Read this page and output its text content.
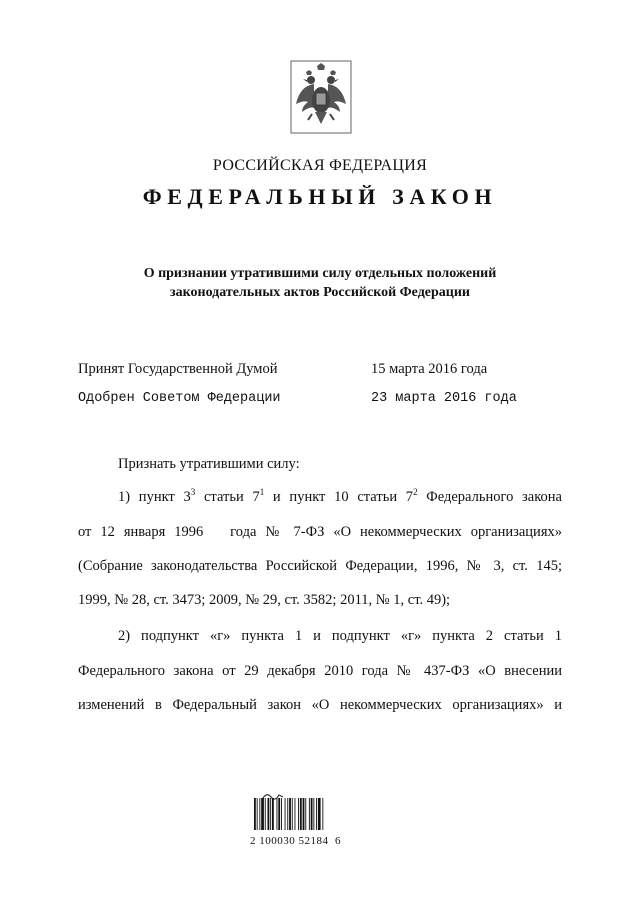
РОССИЙСКАЯ ФЕДЕРАЦИЯ
ФЕДЕРАЛЬНЫЙ ЗАКОН
О признании утратившими силу отдельных положений
законодательных актов Российской Федерации
Принят Государственной Думой	15 марта 2016 года
Одобрен Советом Федерации	23 марта 2016 года
Признать утратившими силу:
1) пункт $3^3$ статьи $7^1$ и пункт 10 статьи $7^2$ Федерального закона
от 12 января 1996   года № 7-ФЗ «О некоммерческих организациях»
(Собрание законодательства Российской Федерации, 1996, № 3, ст. 145;
1999, № 28, ст. 3473; 2009, № 29, ст. 3582; 2011, № 1, ст. 49);
2) подпункт «г» пункта 1 и подпункт «г» пункта 2 статьи 1
Федерального закона от 29 декабря 2010 года № 437-ФЗ «О внесении
изменений в Федеральный закон «О некоммерческих организациях» и
2 100030 52184  6
